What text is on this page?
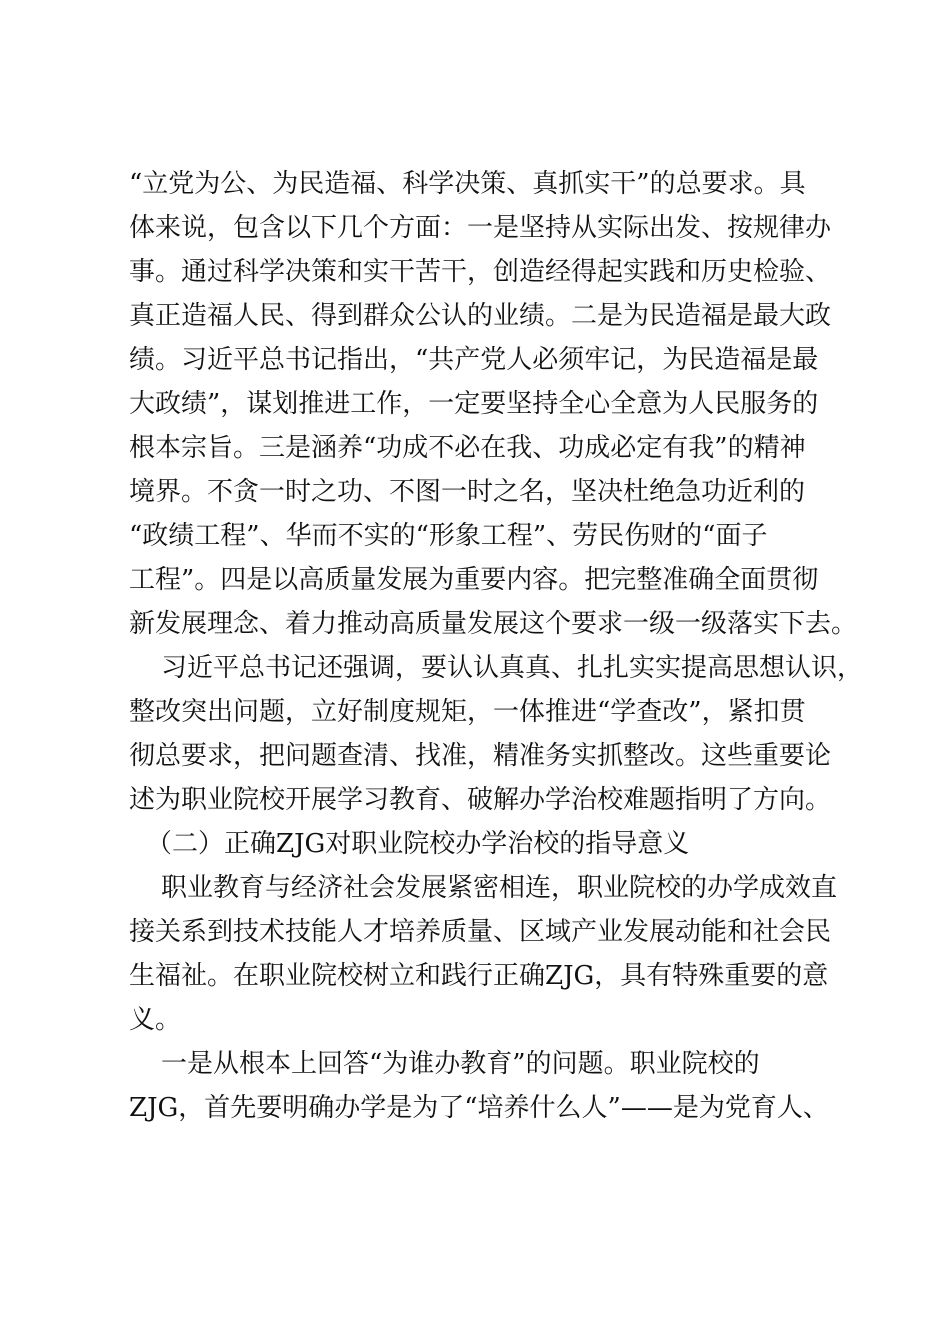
“立党为公、为民造福、科学决策、真抓实干”的总要求。具

体来说，包含以下几个方面：一是坚持从实际出发、按规律办

事。通过科学决策和实干苦干，创造经得起实践和历史检验、

真正造福人民、得到群众公认的业绩。二是为民造福是最大政

绩。习近平总书记指出，“共产党人必须牢记，为民造福是最

大政绩”，谋划推进工作，一定要坚持全心全意为人民服务的

根本宗旨。三是涵养“功成不必在我、功成必定有我”的精神

境界。不贪一时之功、不图一时之名，坚决杜绝急功近利的

“政绩工程”、华而不实的“形象工程”、劳民伤财的“面子

工程”。四是以高质量发展为重要内容。把完整准确全面贯彻

新发展理念、着力推动高质量发展这个要求一级一级落实下去。

习近平总书记还强调，要认认真真、扎扎实实提高思想认识，

整改突出问题，立好制度规矩，一体推进“学查改”，紧扣贯

彻总要求，把问题查清、找准，精准务实抓整改。这些重要论

述为职业院校开展学习教育、破解办学治校难题指明了方向。

（二）正确ZJG对职业院校办学治校的指导意义

职业教育与经济社会发展紧密相连，职业院校的办学成效直

接关系到技术技能人才培养质量、区域产业发展动能和社会民

生福祉。在职业院校树立和践行正确ZJG，具有特殊重要的意

义。

一是从根本上回答“为谁办教育”的问题。职业院校的

ZJG，首先要明确办学是为了“培养什么人”——是为党育人、
